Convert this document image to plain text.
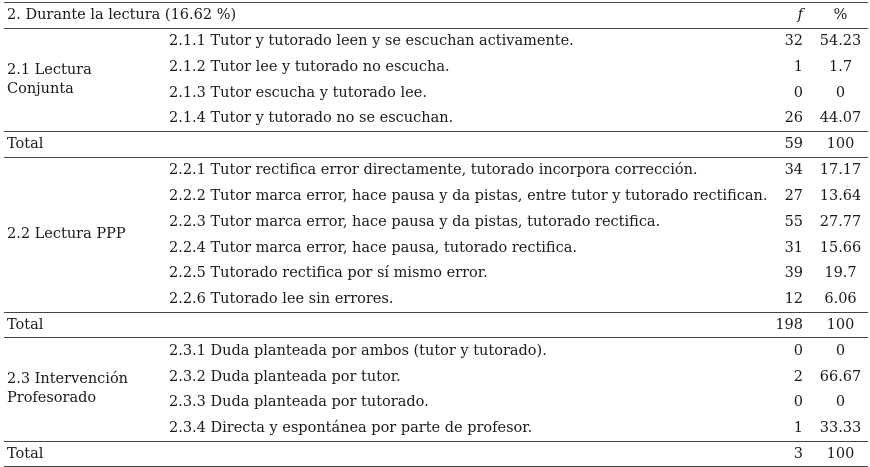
2. Durante la lectura (16.62 %)		f	%
2.1 Lectura Conjunta	2.1.1 Tutor y tutorado leen y se escuchan activamente.	32	54.23
	2.1.2 Tutor lee y tutorado no escucha.	1	1.7
	2.1.3 Tutor escucha y tutorado lee.	0	0
	2.1.4 Tutor y tutorado no se escuchan.	26	44.07
Total		59	100
2.2 Lectura PPP	2.2.1 Tutor rectifica error directamente, tutorado incorpora corrección.	34	17.17
	2.2.2 Tutor marca error, hace pausa y da pistas, entre tutor y tutorado rectifican.	27	13.64
	2.2.3 Tutor marca error, hace pausa y da pistas, tutorado rectifica.	55	27.77
	2.2.4 Tutor marca error, hace pausa, tutorado rectifica.	31	15.66
	2.2.5 Tutorado rectifica por sí mismo error.	39	19.7
	2.2.6 Tutorado lee sin errores.	12	6.06
Total		198	100
2.3 Intervención Profesorado	2.3.1 Duda planteada por ambos (tutor y tutorado).	0	0
	2.3.2 Duda planteada por tutor.	2	66.67
	2.3.3 Duda planteada por tutorado.	0	0
	2.3.4 Directa y espontánea por parte de profesor.	1	33.33
Total		3	100
